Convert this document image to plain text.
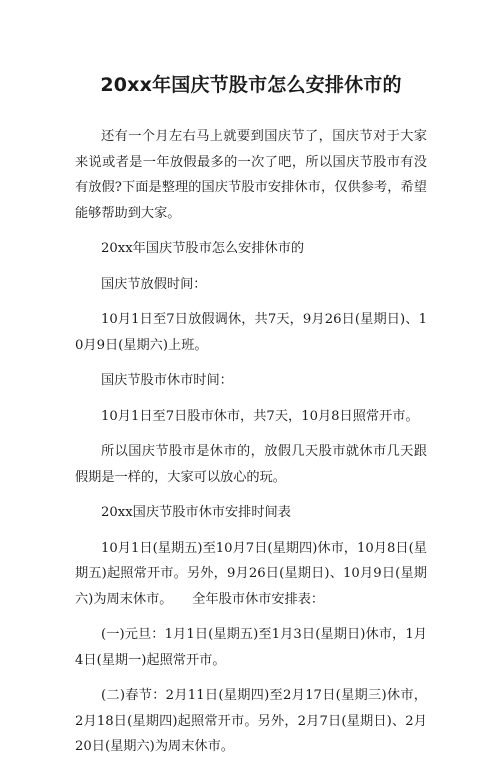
20xx年国庆节股市怎么安排休市的

还有一个月左右马上就要到国庆节了，国庆节对于大家来说或者是一年放假最多的一次了吧，所以国庆节股市有没有放假?下面是整理的国庆节股市安排休市，仅供参考，希望能够帮助到大家。

20xx年国庆节股市怎么安排休市的

国庆节放假时间：

10月1日至7日放假调休，共7天，9月26日(星期日)、10月9日(星期六)上班。

国庆节股市休市时间：

10月1日至7日股市休市，共7天，10月8日照常开市。

所以国庆节股市是休市的，放假几天股市就休市几天跟假期是一样的，大家可以放心的玩。

20xx国庆节股市休市安排时间表

10月1日(星期五)至10月7日(星期四)休市，10月8日(星期五)起照常开市。另外，9月26日(星期日)、10月9日(星期六)为周末休市。　　全年股市休市安排表：

(一)元旦：1月1日(星期五)至1月3日(星期日)休市，1月4日(星期一)起照常开市。

(二)春节：2月11日(星期四)至2月17日(星期三)休市，2月18日(星期四)起照常开市。另外，2月7日(星期日)、2月20日(星期六)为周末休市。
